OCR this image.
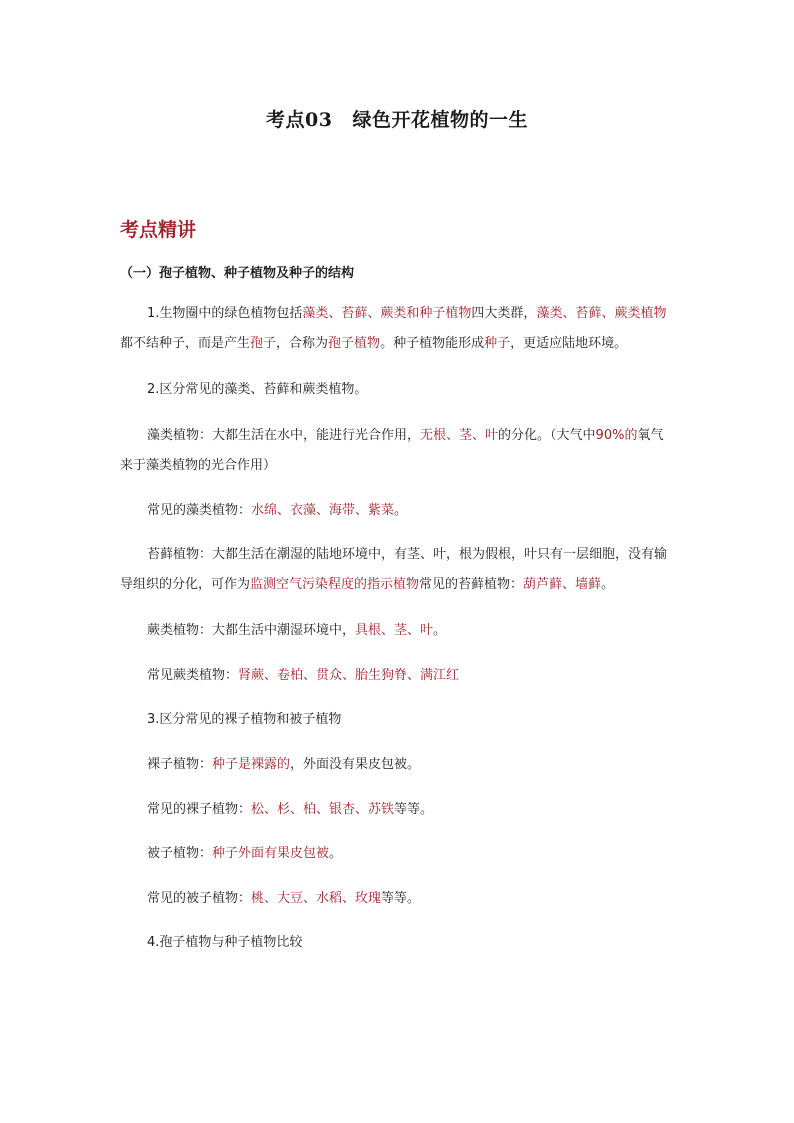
考点03 绿色开花植物的一生
考点精讲
（一）孢子植物、种子植物及种子的结构
1.生物圈中的绿色植物包括藻类、苔藓、蕨类和种子植物四大类群，藻类、苔藓、蕨类植物都不结种子，而是产生孢子，合称为孢子植物。种子植物能形成种子，更适应陆地环境。
2.区分常见的藻类、苔藓和蕨类植物。
藻类植物：大都生活在水中，能进行光合作用，无根、茎、叶的分化。（大气中90%的氧气来于藻类植物的光合作用）
常见的藻类植物：水绵、衣藻、海带、紫菜。
苔藓植物：大都生活在潮湿的陆地环境中，有茎、叶，根为假根，叶只有一层细胞，没有输导组织的分化，可作为监测空气污染程度的指示植物常见的苔藓植物：葫芦藓、墙藓。
蕨类植物：大都生活中潮湿环境中，具根、茎、叶。
常见蕨类植物：肾蕨、卷柏、贯众、胎生狗脊、满江红
3.区分常见的裸子植物和被子植物
裸子植物：种子是裸露的，外面没有果皮包被。
常见的裸子植物：松、杉、柏、银杏、苏铁等等。
被子植物：种子外面有果皮包被。
常见的被子植物：桃、大豆、水稻、玫瑰等等。
4.孢子植物与种子植物比较
